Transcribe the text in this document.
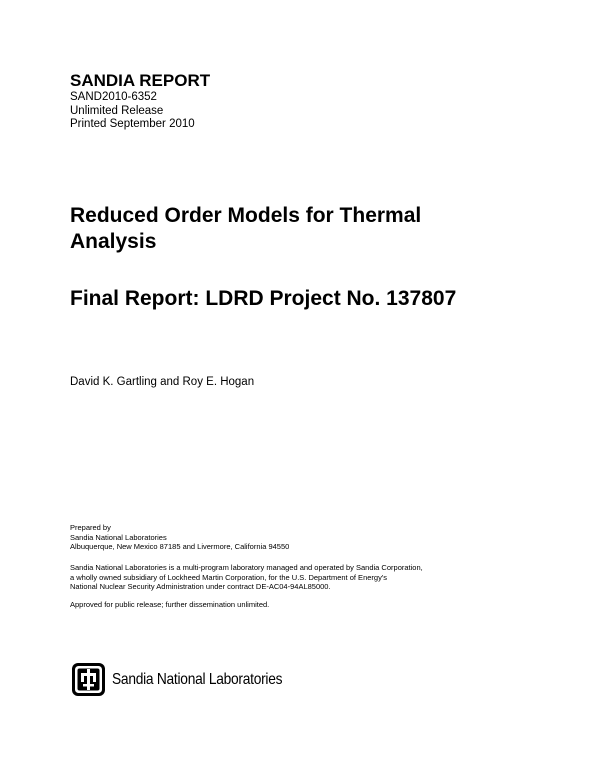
SANDIA REPORT
SAND2010-6352
Unlimited Release
Printed September 2010
Reduced Order Models for Thermal
Analysis
Final Report: LDRD Project No. 137807
David K. Gartling and Roy E. Hogan
Prepared by
Sandia National Laboratories
Albuquerque, New Mexico 87185 and Livermore, California 94550
Sandia National Laboratories is a multi-program laboratory managed and operated by Sandia Corporation,
a wholly owned subsidiary of Lockheed Martin Corporation, for the U.S. Department of Energy's
National Nuclear Security Administration under contract DE-AC04-94AL85000.
Approved for public release; further dissemination unlimited.
Sandia National Laboratories
